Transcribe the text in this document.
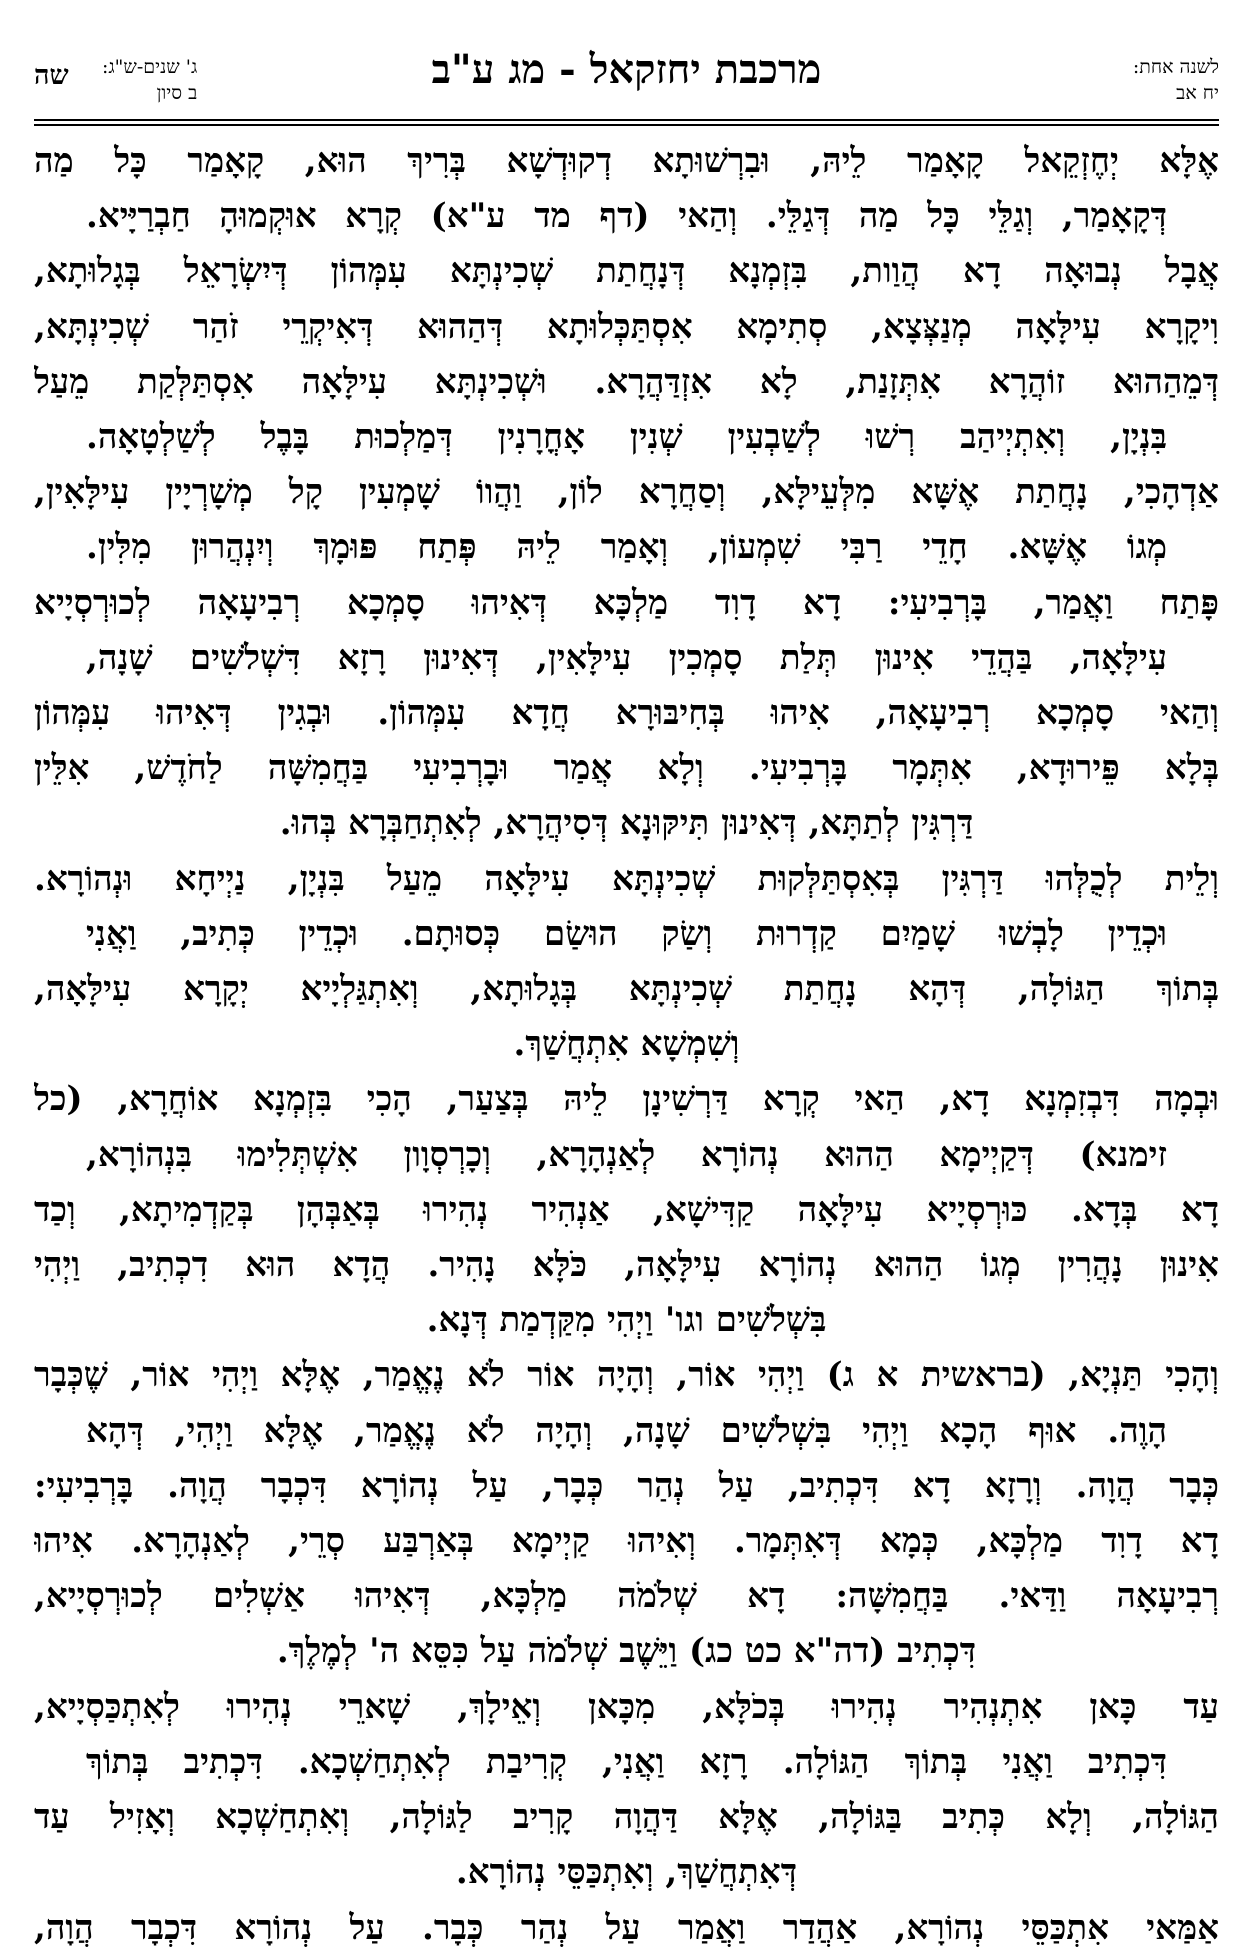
לשנה אחת:
יח אב
מרכבת יחזקאל - מג ע"ב
ג' שנים-ש"ג:
ב סיון
שה
אֶלָּא יְחֶזְקֵאל קָאָמַר לֵיהּ, וּבִרְשׁוּתָא דְקוּדְשָׁא בְּרִיךְ הוּא, קָאָמַר כָּל מַה
דְּקָאָמַר, וְגַלֵּי כָּל מַה דְּגַלֵּי. וְהַאי (דף מד ע"א) קְרָא אוּקְמוּהָ חַבְרַיָּיא.
אֲבָל נְבוּאָה דָא הֲוַות, בִּזְמְנָא דְּנָחֲתַת שְׁכִינְתָּא עִמְּהוֹן דְּיִשְׂרָאֵל בְּגָלוּתָא,
וִיקָרָא עִילָּאָה מְנַצְּצָא, סְתִימָא אִסְתַּכְּלוּתָא דְּהַהוּא דְּאִיקְרֵי זֹהַר שְׁכִינְתָּא,
דְּמֵהַהוּא זוֹהֲרָא אִתְּזָנַת, לָא אִזְדַּהֲרָא. וּשְׁכִינְתָּא עִילָּאָה אִסְתַּלְּקַת מֵעַל
בִּנְיָן, וְאִתְיְיהַב רְשׁוּ לְשַׁבְעִין שְׁנִין אָחֳרָנִין דְּמַלְכוּת בָּבֶל לְשַׁלְטָאָה.
אַדְהָכִי, נָחֲתַת אֶשָּׁא מִלְּעֵילָּא, וְסַחֲרָא לוֹן, וַהֲווֹ שָׁמְעִין קָל מְשָׁרְיָין עִילָּאִין,
מְגוֹ אֶשָּׁא. חָדֵי רַבִּי שִׁמְעוֹן, וְאָמַר לֵיהּ פְּתַח פּוּמָךְ וְיִנְהֲרוּן מִלִּין.
פָּתַח וַאֲמַר, בָּרְבִיעִי: דָא דָוִד מַלְכָּא דְּאִיהוּ סָמְכָא רְבִיעָאָה לְכוּרְסְיָיא
עִילָּאָה, בַּהֲדֵי אִינוּן תְּלַת סָמְכִין עִילָּאִין, דְּאִינוּן רָזָא דִּשְׁלֹשִׁים שָׁנָה,
וְהַאי סָמְכָא רְבִיעָאָה, אִיהוּ בְּחִיבּוּרָא חֲדָא עִמְּהוֹן. וּבְגִין דְּאִיהוּ עִמְּהוֹן
בְּלָא פֵּירוּדָא, אִתְּמָר בָּרְבִיעִי. וְלָא אֲמַר וּבָרְבִיעִי בַּחֲמִשָּׁה לַחֹדֶשׁ, אִלֵּין
דַּרְגִּין לְתַתָּא, דְּאִינוּן תִּיקּוּנָא דְּסִיהֲרָא, לְאִתְחַבְּרָא בְּהוּ.
וְלֵית לְכֻלְּהוּ דַּרְגִּין בְּאִסְתַּלְּקוּת שְׁכִינְתָּא עִילָּאָה מֵעַל בִּנְיָן, נַיְיחָא וּנְהוֹרָא.
וּכְדֵין לָבְשׁוּ שָׁמַיִם קַדְרוּת וְשַׂק הוּשַׂם כְּסוּתָם. וּכְדֵין כְּתִיב, וַאֲנִי
בְּתוֹךְ הַגּוֹלָה, דְּהָא נָחֲתַת שְׁכִינְתָּא בְּגָלוּתָא, וְאִתְגַּלְיָיא יְקָרָא עִילָּאָה,
וְשִׁמְשָׁא אִתְחֲשַׁךְ.
וּבְמָה דִּבְזִמְנָא דָא, הַאי קְרָא דַּרְשִׁינָן לֵיהּ בְּצַעַר, הָכִי בִּזְמְנָא אוֹחֲרָא, (כל
זימנא) דְּקַיְימָא הַהוּא נְהוֹרָא לְאַנְהָרָא, וְכָרְסְוָון אִשְׁתְּלִימוּ בִּנְהוֹרָא,
דָא בְּדָא. כּוּרְסְיָיא עִילָּאָה קַדִּישָׁא, אַנְהִיר נְהִירוּ בְּאַבְּהָן בְּקַדְמִיתָא, וְכַד
אִינוּן נָהֲרִין מְגוֹ הַהוּא נְהוֹרָא עִילָּאָה, כֹּלָּא נָהִיר. הֲדָא הוּא דִכְתִיב, וַיְהִי
בִּשְׁלֹשִׁים וגו' וַיְהִי מִקַּדְמַת דְּנָא.
וְהָכִי תַּנְיָא, (בראשית א ג) וַיְהִי אוֹר, וְהָיָה אוֹר לֹא נֶאֱמַר, אֶלָּא וַיְהִי אוֹר, שֶׁכְּבָר
הָוֶה. אוּף הָכָא וַיְהִי בִּשְׁלֹשִׁים שָׁנָה, וְהָיָה לֹא נֶאֱמַר, אֶלָּא וַיְהִי, דְּהָא
כְּבָר הֲוָה. וְרָזָא דָא דִּכְתִיב, עַל נְהַר כְּבָר, עַל נְהוֹרָא דִּכְבָר הֲוָה. בָּרְבִיעִי:
דָא דָוִד מַלְכָּא, כְּמָא דְּאִתְּמָר. וְאִיהוּ קַיְימָא בְּאַרְבַּע סְרֵי, לְאַנְהָרָא. אִיהוּ
רְבִיעָאָה וַדַּאי. בַּחֲמִשָּׁה: דָא שְׁלֹמֹה מַלְכָּא, דְּאִיהוּ אַשְׁלִים לְכוּרְסְיָיא,
דִּכְתִיב (דה"א כט כג) וַיֵּשֶׁב שְׁלֹמֹה עַל כִּסֵּא ה' לְמֶלֶךְ.
עַד כָּאן אִתְנְהִיר נְהִירוּ בְּכֹלָּא, מִכָּאן וְאֵילָךְ, שָׁארֵי נְהִירוּ לְאִתְכַּסְיָיא,
דִּכְתִיב וַאֲנִי בְּתוֹךְ הַגּוֹלָה. רָזָא וַאֲנִי, קְרִיבַת לְאִתְחַשְׁכָא. דִּכְתִיב בְּתוֹךְ
הַגּוֹלָה, וְלָא כְּתִיב בַּגּוֹלָה, אֶלָּא דַּהֲוָה קָרִיב לַגּוֹלָה, וְאִתְחַשְׁכָא וְאָזִיל עַד
דְּאִתְחֲשַׁךְ, וְאִתְכַּסֵּי נְהוֹרָא.
אַמַּאי אִתְכַּסֵּי נְהוֹרָא, אַהֲדַר וַאֲמַר עַל נְהַר כְּבָר. עַל נְהוֹרָא דִּכְבָר הֲוָה,
